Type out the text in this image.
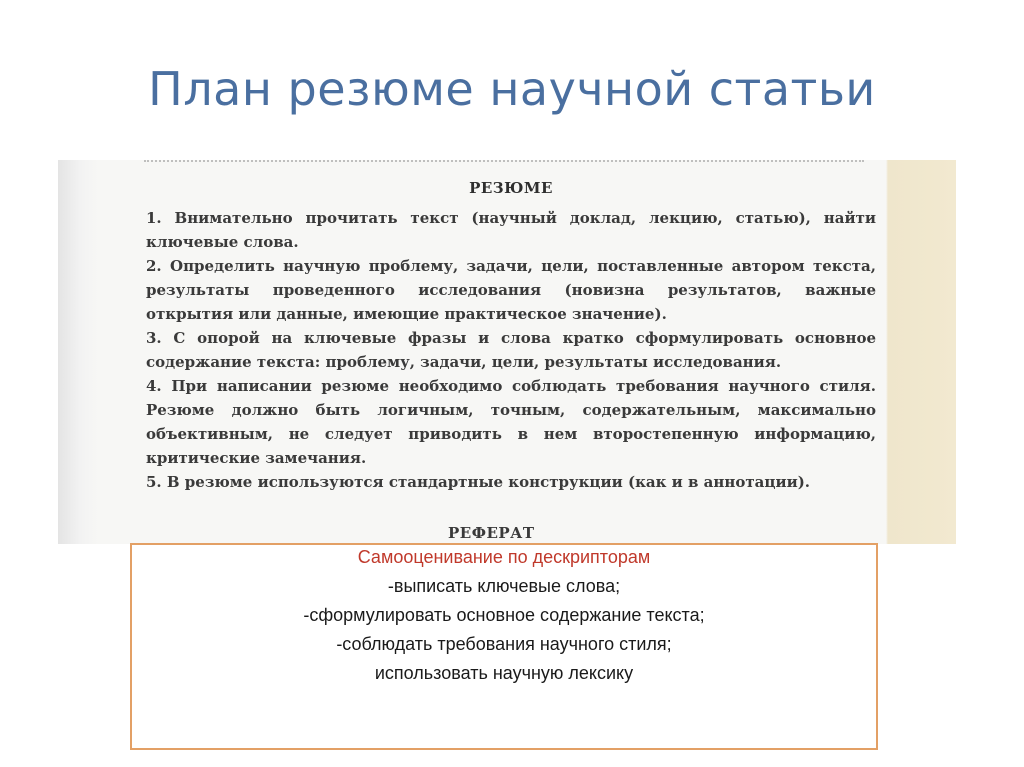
План резюме научной статьи
РЕЗЮМЕ

1. Внимательно прочитать текст (научный доклад, лекцию, статью), найти ключевые слова.

2. Определить научную проблему, задачи, цели, поставленные автором текста, результаты проведенного исследования (новизна результатов, важные открытия или данные, имеющие практическое значение).

3. С опорой на ключевые фразы и слова кратко сформулировать основное содержание текста: проблему, задачи, цели, результаты исследования.

4. При написании резюме необходимо соблюдать требования научного стиля. Резюме должно быть логичным, точным, содержательным, максимально объективным, не следует приводить в нем второстепенную информацию, критические замечания.

5. В резюме используются стандартные конструкции (как и в аннотации).

РЕФЕРАТ
Самооценивание по дескрипторам
-выписать ключевые слова;
-сформулировать основное содержание текста;
-соблюдать требования научного стиля;
использовать научную лексику
